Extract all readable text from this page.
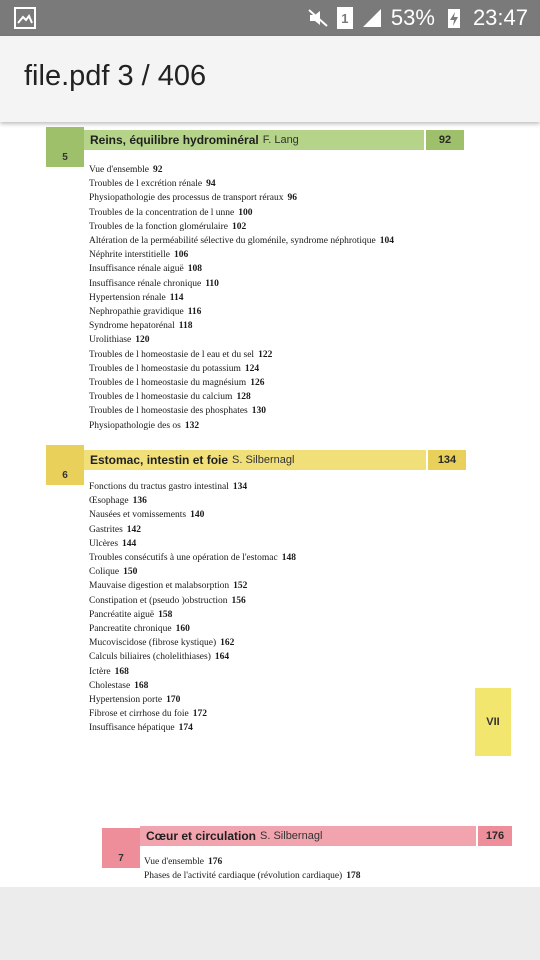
1 53% 23:47
file.pdf 3 / 406
5
Reins, équilibre hydrominéral F. Lang	92
Vue d'ensemble 92
Troubles de l excrétion rénale 94
Physiopathologie des processus de transport réraux 96
Troubles de la concentration de l unne 100
Troubles de la fonction glomérulaire 102
Altération de la perméabilité sélective du gloménile, syndrome néphrotique 104
Néphrite interstitielle 106
Insuffisance rénale aiguë 108
Insuffisance rénale chronique 110
Hypertension rénale 114
Nephropathie gravidique 116
Syndrome hepatorénal 118
Urolithiase 120
Troubles de l homeostasie de l eau et du sel 122
Troubles de l homeostasie du potassium 124
Troubles de l homeostasie du magnésium 126
Troubles de l homeostasie du calcium 128
Troubles de l homeostasie des phosphates 130
Physiopathologie des os 132
6
Estomac, intestin et foie S. Silbernagl	134
Fonctions du tractus gastro intestinal 134
Œsophage 136
Nausées et vomissements 140
Gastrites 142
Ulcères 144
Troubles consécutifs à une opération de l'estomac 148
Colique 150
Mauvaise digestion et malabsorption 152
Constipation et (pseudo )obstruction 156
Pancréatite aiguë 158
Pancreatite chronique 160
Mucoviscidose (fibrose kystique) 162
Calculs biliaires (cholelithiases) 164
Ictère 168
Cholestase 168
Hypertension porte 170
Fibrose et cirrhose du foie 172
Insuffisance hépatique 174
VII
7
Cœur et circulation S. Silbernagl	176
Vue d'ensemble 176
Phases de l'activité cardiaque (révolution cardiaque) 178
